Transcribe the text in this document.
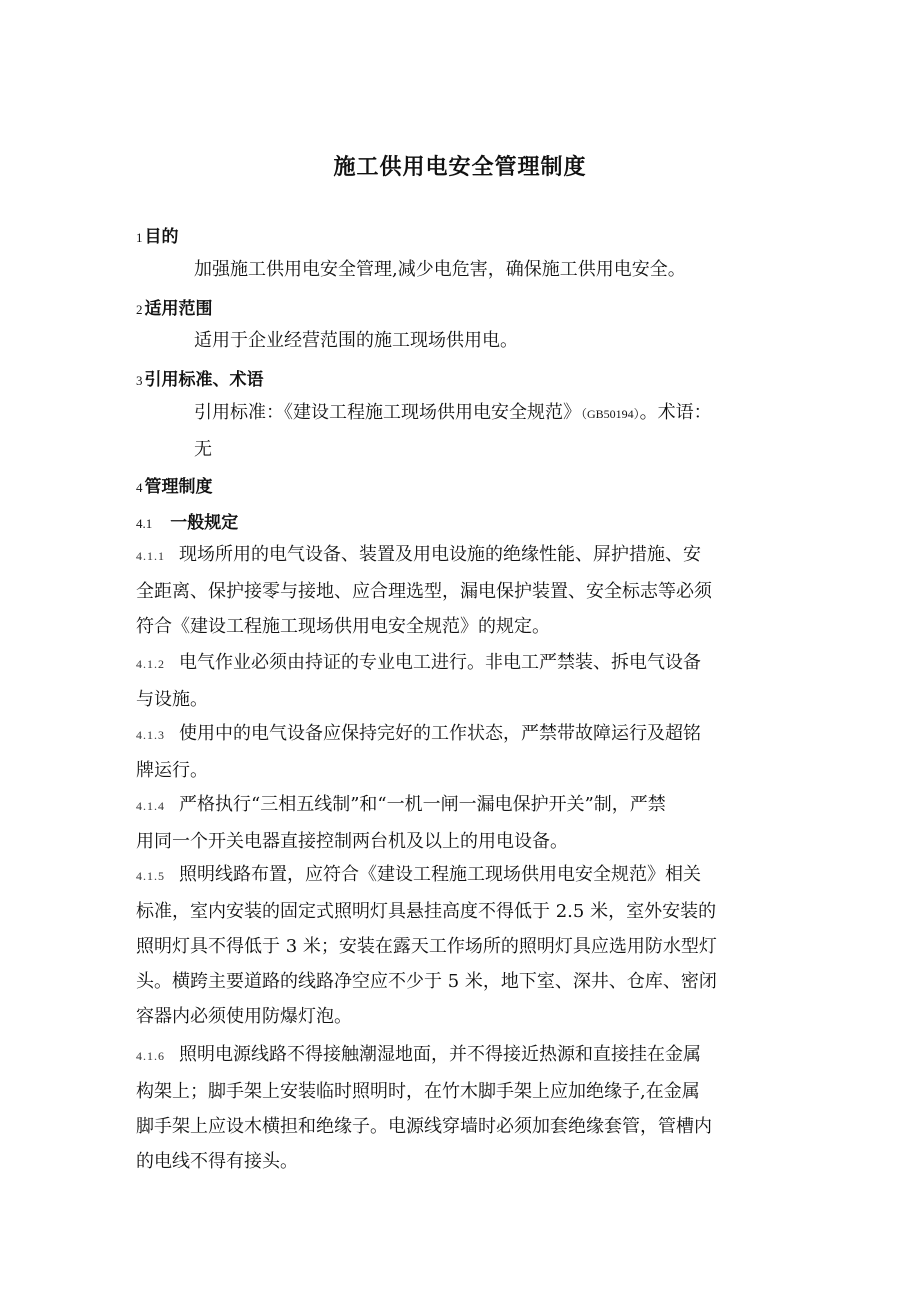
施工供用电安全管理制度
1 目的
加强施工供用电安全管理,减少电危害，确保施工供用电安全。
2 适用范围
适用于企业经营范围的施工现场供用电。
3 引用标准、术语
引用标准：《建设工程施工现场供用电安全规范》（GB50194）。术语：
无
4 管理制度
4.1 一般规定
4.1.1 现场所用的电气设备、装置及用电设施的绝缘性能、屏护措施、安
全距离、保护接零与接地、应合理选型，漏电保护装置、安全标志等必须
符合《建设工程施工现场供用电安全规范》的规定。
4.1.2 电气作业必须由持证的专业电工进行。非电工严禁装、拆电气设备
与设施。
4.1.3 使用中的电气设备应保持完好的工作状态，严禁带故障运行及超铭
牌运行。
4.1.4 严格执行“三相五线制”和“一机一闸一漏电保护开关”制，严禁
用同一个开关电器直接控制两台机及以上的用电设备。
4.1.5 照明线路布置，应符合《建设工程施工现场供用电安全规范》相关
标准，室内安装的固定式照明灯具悬挂高度不得低于 2.5 米，室外安装的
照明灯具不得低于 3 米；安装在露天工作场所的照明灯具应选用防水型灯
头。横跨主要道路的线路净空应不少于 5 米，地下室、深井、仓库、密闭
容器内必须使用防爆灯泡。
4.1.6 照明电源线路不得接触潮湿地面，并不得接近热源和直接挂在金属
构架上；脚手架上安装临时照明时，在竹木脚手架上应加绝缘子,在金属
脚手架上应设木横担和绝缘子。电源线穿墙时必须加套绝缘套管，管槽内
的电线不得有接头。
